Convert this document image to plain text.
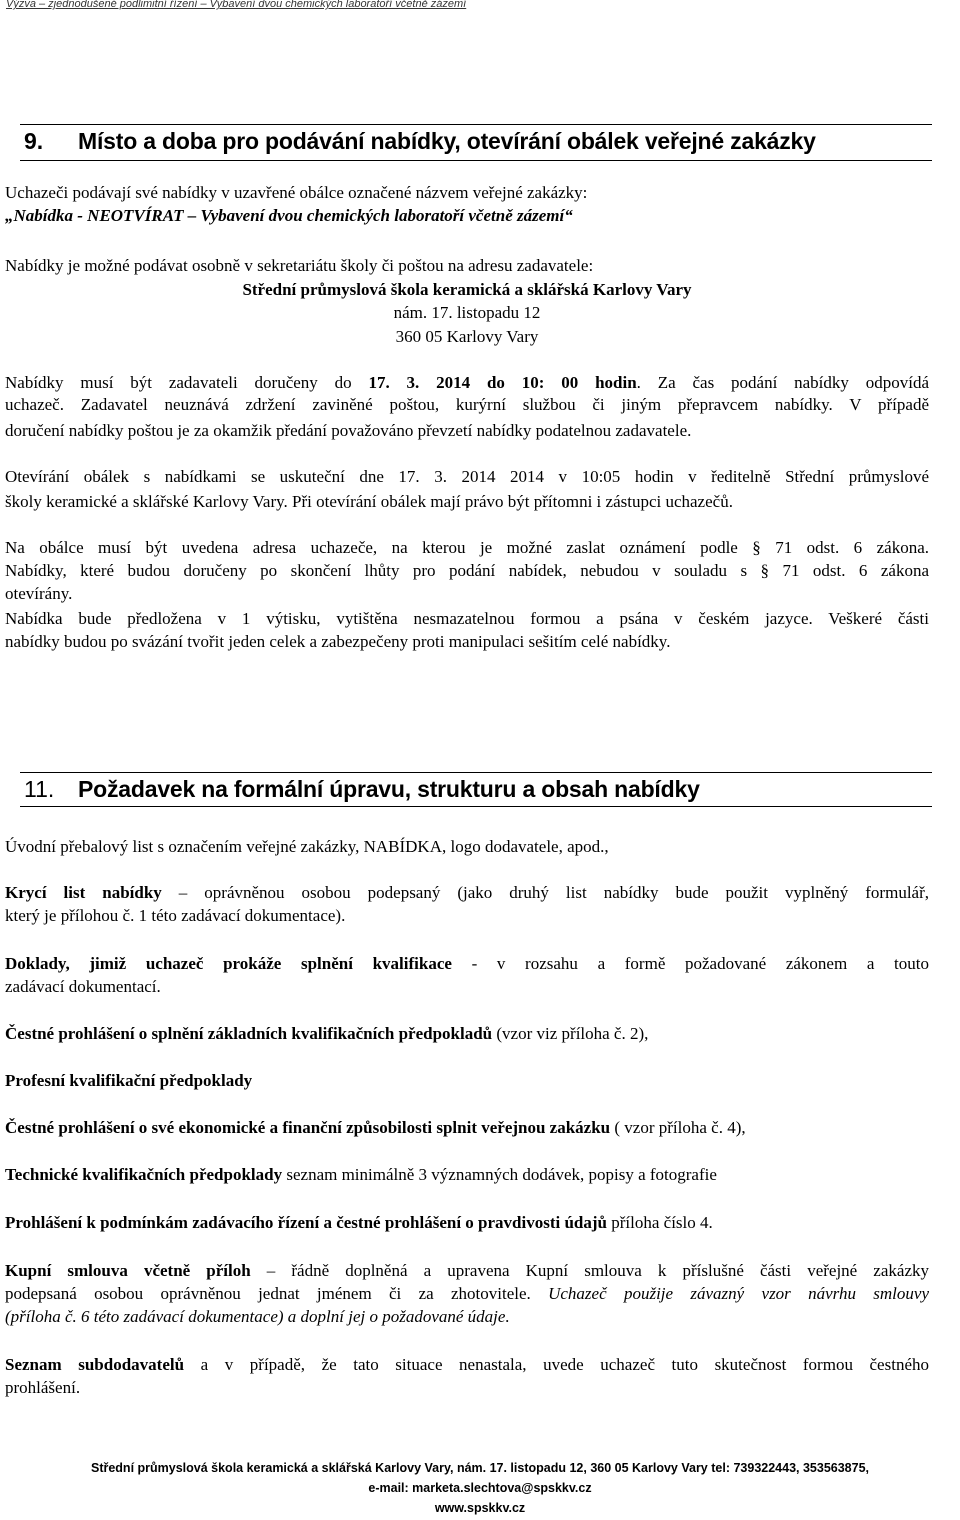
Výzva – zjednodušené podlimitní řízení – Vybavení dvou chemických laboratoří včetně zázemí
9. Místo a doba pro podávání nabídky, otevírání obálek veřejné zakázky
Uchazeči podávají své nabídky v uzavřené obálce označené názvem veřejné zakázky:
„Nabídka - NEOTVÍRAT – Vybavení dvou chemických laboratoří včetně zázemí“
Nabídky je možné podávat osobně v sekretariátu školy či poštou na adresu zadavatele:
Střední průmyslová škola keramická a sklářská Karlovy Vary
nám. 17. listopadu 12
360 05 Karlovy Vary
Nabídky musí být zadavateli doručeny do 17. 3. 2014 do 10: 00 hodin. Za čas podání nabídky odpovídá
uchazeč. Zadavatel neuznává zdržení zaviněné poštou, kurýrní službou či jiným přepravcem nabídky. V případě
doručení nabídky poštou je za okamžik předání považováno převzetí nabídky podatelnou zadavatele.
Otevírání obálek s nabídkami se uskuteční dne 17. 3. 2014 2014 v 10:05 hodin v ředitelně Střední průmyslové
školy keramické a sklářské Karlovy Vary. Při otevírání obálek mají právo být přítomni i zástupci uchazečů.
Na obálce musí být uvedena adresa uchazeče, na kterou je možné zaslat oznámení podle § 71 odst. 6 zákona.
Nabídky, které budou doručeny po skončení lhůty pro podání nabídek, nebudou v souladu s § 71 odst. 6 zákona
otevírány.
Nabídka bude předložena v 1 výtisku, vytištěna nesmazatelnou formou a psána v českém jazyce. Veškeré části
nabídky budou po svázání tvořit jeden celek a zabezpečeny proti manipulaci sešitím celé nabídky.
11. Požadavek na formální úpravu, strukturu a obsah nabídky
Úvodní přebalový list s označením veřejné zakázky, NABÍDKA, logo dodavatele, apod.,
Krycí list nabídky – oprávněnou osobou podepsaný (jako druhý list nabídky bude použit vyplněný formulář,
který je přílohou č. 1 této zadávací dokumentace).
Doklady, jimiž uchazeč prokáže splnění kvalifikace - v rozsahu a formě požadované zákonem a touto
zadávací dokumentací.
Čestné prohlášení o splnění základních kvalifikačních předpokladů (vzor viz příloha č. 2),
Profesní kvalifikační předpoklady
Čestné prohlášení o své ekonomické a finanční způsobilosti splnit veřejnou zakázku ( vzor příloha č. 4),
Technické kvalifikačních předpoklady seznam minimálně 3 významných dodávek, popisy a fotografie
Prohlášení k podmínkám zadávacího řízení a čestné prohlášení o pravdivosti údajů příloha číslo 4.
Kupní smlouva včetně příloh – řádně doplněná a upravena Kupní smlouva k příslušné části veřejné zakázky
podepsaná osobou oprávněnou jednat jménem či za zhotovitele. Uchazeč použije závazný vzor návrhu smlouvy
(příloha č. 6 této zadávací dokumentace) a doplní jej o požadované údaje.
Seznam subdodavatelů a v případě, že tato situace nenastala, uvede uchazeč tuto skutečnost formou čestného
prohlášení.
Střední průmyslová škola keramická a sklářská Karlovy Vary, nám. 17. listopadu 12, 360 05 Karlovy Vary tel: 739322443, 353563875,
e-mail: marketa.slechtova@spskkv.cz
www.spskkv.cz
